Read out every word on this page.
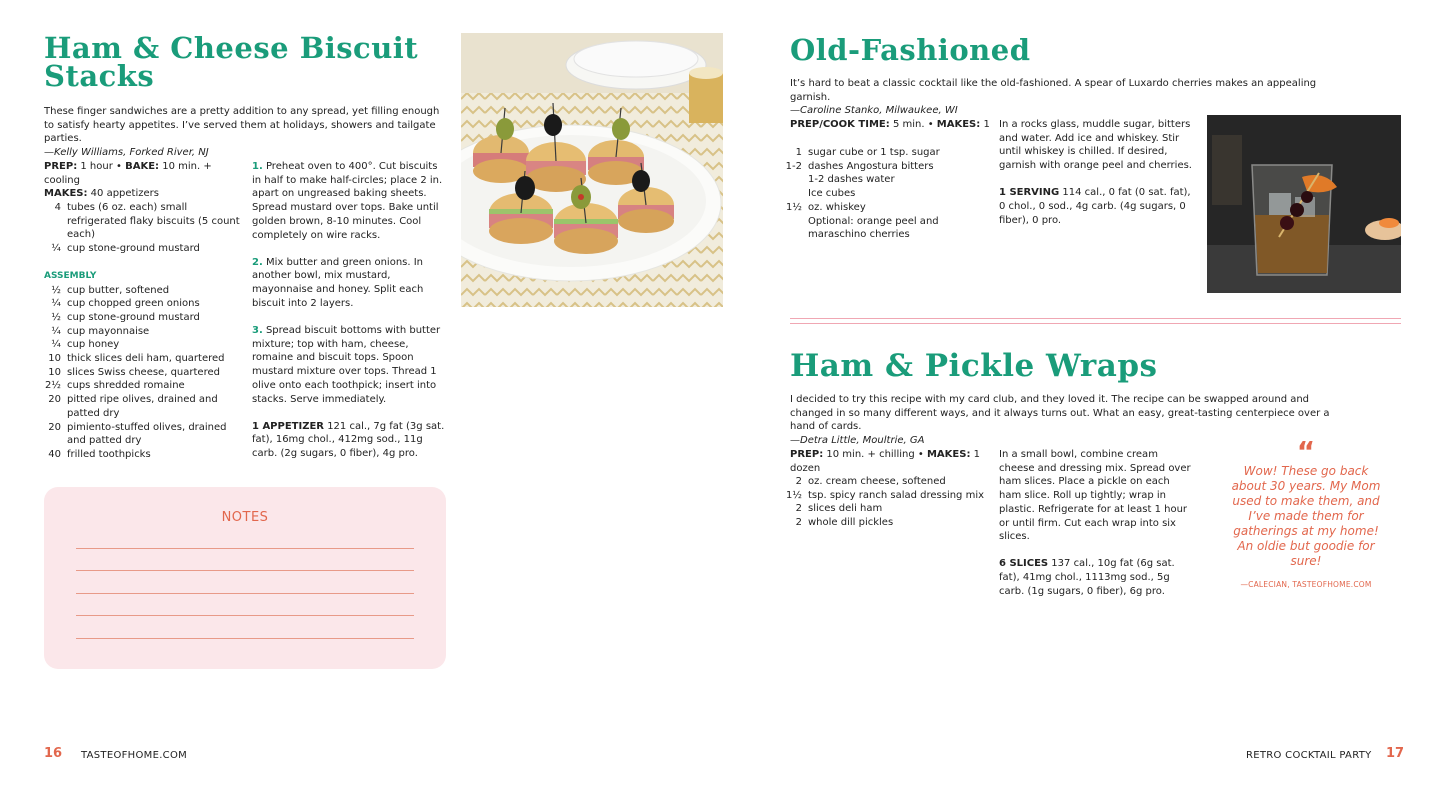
Ham & Cheese Biscuit Stacks
These finger sandwiches are a pretty addition to any spread, yet filling enough to satisfy hearty appetites. I’ve served them at holidays, showers and tailgate parties.
—Kelly Williams, Forked River, NJ
PREP: 1 hour • BAKE: 10 min. + cooling
MAKES: 40 appetizers
4 tubes (6 oz. each) small refrigerated flaky biscuits (5 count each)
¼ cup stone-ground mustard
ASSEMBLY
½ cup butter, softened
¼ cup chopped green onions
½ cup stone-ground mustard
¼ cup mayonnaise
¼ cup honey
10 thick slices deli ham, quartered
10 slices Swiss cheese, quartered
2½ cups shredded romaine
20 pitted ripe olives, drained and patted dry
20 pimiento-stuffed olives, drained and patted dry
40 frilled toothpicks
1. Preheat oven to 400°. Cut biscuits in half to make half-circles; place 2 in. apart on ungreased baking sheets. Spread mustard over tops. Bake until golden brown, 8-10 minutes. Cool completely on wire racks.
2. Mix butter and green onions. In another bowl, mix mustard, mayonnaise and honey. Split each biscuit into 2 layers.
3. Spread biscuit bottoms with butter mixture; top with ham, cheese, romaine and biscuit tops. Spoon mustard mixture over tops. Thread 1 olive onto each toothpick; insert into stacks. Serve immediately.
1 APPETIZER 121 cal., 7g fat (3g sat. fat), 16mg chol., 412mg sod., 11g carb. (2g sugars, 0 fiber), 4g pro.
NOTES
16 TASTEOFHOME.COM
Old-Fashioned
It’s hard to beat a classic cocktail like the old-fashioned. A spear of Luxardo cherries makes an appealing garnish.
—Caroline Stanko, Milwaukee, WI
PREP/COOK TIME: 5 min. • MAKES: 1
1 sugar cube or 1 tsp. sugar
1-2 dashes Angostura bitters
1-2 dashes water
Ice cubes
1½ oz. whiskey
Optional: orange peel and maraschino cherries
In a rocks glass, muddle sugar, bitters and water. Add ice and whiskey. Stir until whiskey is chilled. If desired, garnish with orange peel and cherries.
1 SERVING 114 cal., 0 fat (0 sat. fat), 0 chol., 0 sod., 4g carb. (4g sugars, 0 fiber), 0 pro.
Ham & Pickle Wraps
I decided to try this recipe with my card club, and they loved it. The recipe can be swapped around and changed in so many different ways, and it always turns out. What an easy, great-tasting centerpiece over a hand of cards.
—Detra Little, Moultrie, GA
PREP: 10 min. + chilling • MAKES: 1 dozen
2 oz. cream cheese, softened
1½ tsp. spicy ranch salad dressing mix
2 slices deli ham
2 whole dill pickles
In a small bowl, combine cream cheese and dressing mix. Spread over ham slices. Place a pickle on each ham slice. Roll up tightly; wrap in plastic. Refrigerate for at least 1 hour or until firm. Cut each wrap into six slices.
6 SLICES 137 cal., 10g fat (6g sat. fat), 41mg chol., 1113mg sod., 5g carb. (1g sugars, 0 fiber), 6g pro.
“
Wow! These go back about 30 years. My Mom used to make them, and I’ve made them for gatherings at my home! An oldie but goodie for sure!
—CALECIAN, TASTEOFHOME.COM
RETRO COCKTAIL PARTY 17
